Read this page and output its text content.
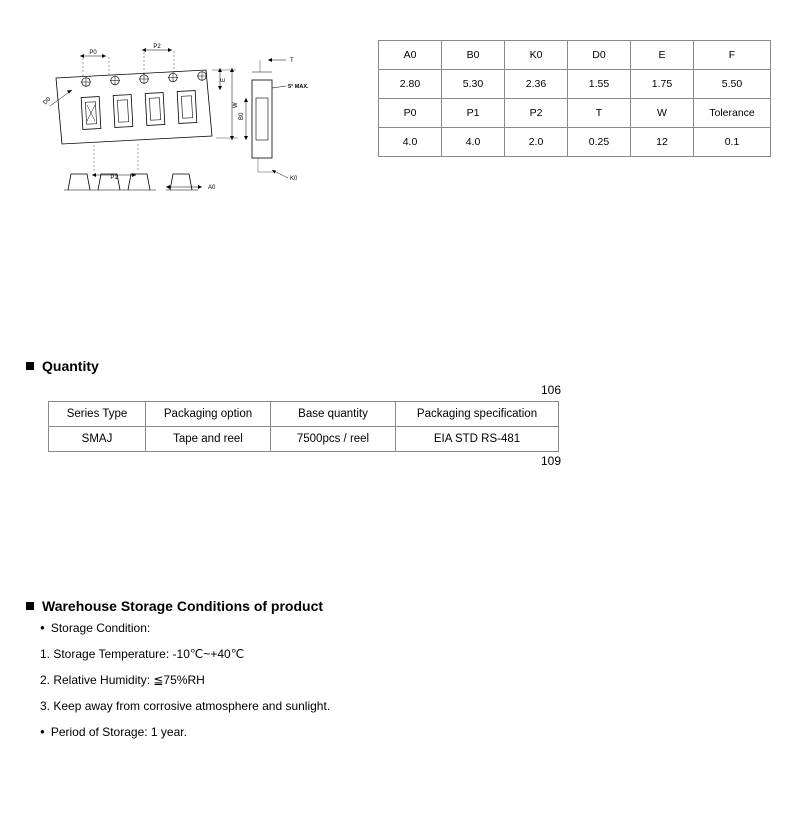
P0
P2
P1
D0
E
W
A0
T
5° MAX.
B0
K0
A0	B0	K0	D0	E	F
2.80	5.30	2.36	1.55	1.75	5.50
P0	P1	P2	T	W	Tolerance
4.0	4.0	2.0	0.25	12	0.1
Quantity
106
109
Series Type	Packaging option	Base quantity	Packaging specification
SMAJ	Tape and reel	7500pcs / reel	EIA STD RS-481
Warehouse Storage Conditions of product
● Storage Condition:
1. Storage Temperature: -10℃~+40℃
2. Relative Humidity: ≦75%RH
3. Keep away from corrosive atmosphere and sunlight.
● Period of Storage: 1 year.
